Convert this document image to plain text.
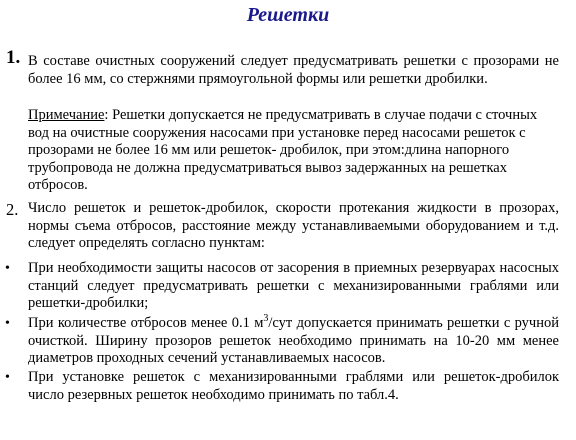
Решетки
1. В составе очистных сооружений следует предусматривать решетки с прозорами не более 16 мм, со стержнями прямоугольной формы или решетки дробилки.
Примечание: Решетки допускается не предусматривать в случае подачи с сточных вод на очистные сооружения насосами при установке перед насосами решеток с прозорами не более 16 мм или решеток- дробилок, при этом:длина напорного трубопровода не должна предусматриваться вывоз задержанных на решетках отбросов.
2. Число решеток и решеток-дробилок, скорости протекания жидкости в прозорах, нормы съема отбросов, расстояние между устанавливаемыми оборудованием и т.д. следует определять согласно пунктам:
• При необходимости защиты насосов от засорения в приемных резервуарах насосных станций следует предусматривать решетки с механизированными граблями или решетки-дробилки;
• При количестве отбросов менее 0.1 $м^3$/сут допускается принимать решетки с ручной очисткой. Ширину прозоров решеток необходимо принимать на 10-20 мм менее диаметров проходных сечений устанавливаемых насосов.
• При установке решеток с механизированными граблями или решеток-дробилок число резервных решеток необходимо принимать по табл.4.
